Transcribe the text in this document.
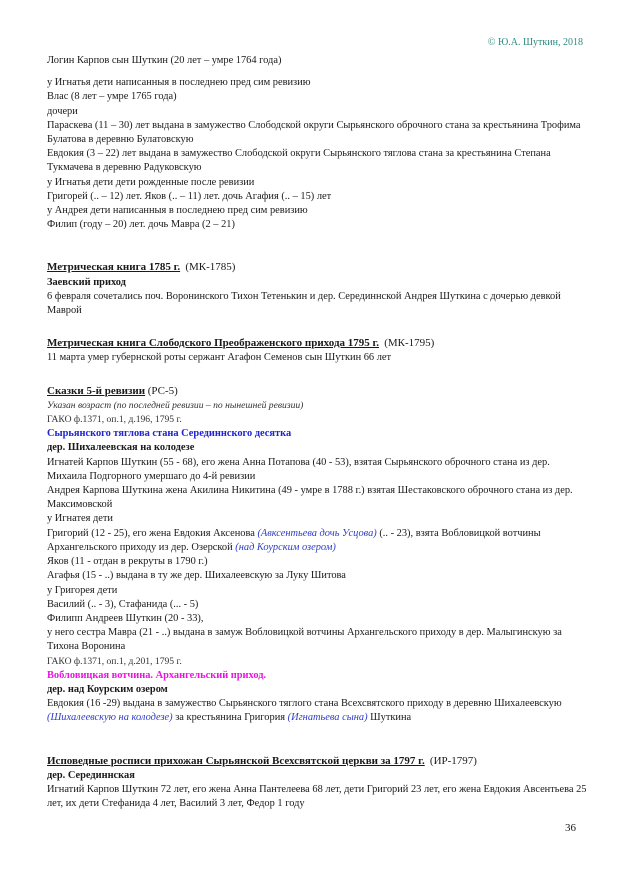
© Ю.А. Шуткин, 2018
Логин Карпов сын Шуткин (20 лет – умре 1764 года)
у Игнатья дети написанныя в последнею пред сим ревизию
Влас (8 лет – умре 1765 года)
дочери
Параскева (11 – 30) лет выдана в замужество Слободской округи Сырьянского оброчного стана за крестьянина Трофима Булатова в деревню Булатовскую
Евдокия (3 – 22) лет выдана в замужество Слободской округи Сырьянского тяглова стана за крестьянина Степана Тукмачева в деревню Радуковскую
у Игнатья дети дети рожденные после ревизии
Григорей (.. – 12) лет. Яков (.. – 11) лет. дочь Агафия (.. – 15) лет
у Андрея дети написанныя в последнею пред сим ревизию
Филип (году – 20) лет. дочь Мавра (2 – 21)
Метрическая книга 1785 г. (МК-1785)
Заевский приход
6 февраля сочетались поч. Воронинского Тихон Тетенькин и дер. Серединнской Андрея Шуткина с дочерью девкой Маврой
Метрическая книга Слободского Преображенского прихода 1795 г. (МК-1795)
11 марта умер губернской роты сержант Агафон Семенов сын Шуткин 66 лет
Сказки 5-й ревизии (РС-5)
Указан возраст (по последней ревизии – по нынешней ревизии)
ГАКО ф.1371, оп.1, д.196, 1795 г.
Сырьянского тяглова стана Серединнского десятка
дер. Шихалеевская на колодезе
Игнатей Карпов Шуткин (55 - 68), его жена Анна Потапова (40 - 53), взятая Сырьянского оброчного стана из дер. Михаила Подгорного умершаго до 4-й ревизии
Андрея Карпова Шуткина жена Акилина Никитина (49 - умре в 1788 г.) взятая Шестаковского оброчного стана из дер. Максимовской
у Игнатея дети
Григорий (12 - 25), его жена Евдокия Аксенова (Авксентьева дочь Усцова) (.. - 23), взята Вобловицкой вотчины Архангельского приходу из дер. Озерской (над Коурским озером)
Яков (11 - отдан в рекруты в 1790 г.)
Агафья (15 - ..) выдана в ту же дер. Шихалеевскую за Луку Шитова
у Григорея дети
Василий (.. - 3), Стафанида (... - 5)
Филипп Андреев Шуткин (20 - 33),
у него сестра Мавра (21 - ..) выдана в замуж Вобловицкой вотчины Архангельского приходу в дер. Малыгинскую за Тихона Воронина
ГАКО ф.1371, оп.1, д.201, 1795 г.
Вобловицкая вотчина. Архангельский приход.
дер. над Коурским озером
Евдокия (16 -29) выдана в замужество Сырьянского тяглого стана Всехсвятского приходу в деревню Шихалеевскую (Шихалеевскую на колодезе) за крестьянина Григория (Игнатьева сына) Шуткина
Исповедные росписи прихожан Сырьянской Всехсвятской церкви за 1797 г. (ИР-1797)
дер. Серединнская
Игнатий Карпов Шуткин 72 лет, его жена Анна Пантелеева 68 лет, дети Григорий 23 лет, его жена Евдокия Авсентьева 25 лет, их дети Стефанида 4 лет, Василий 3 лет, Федор 1 году
36
